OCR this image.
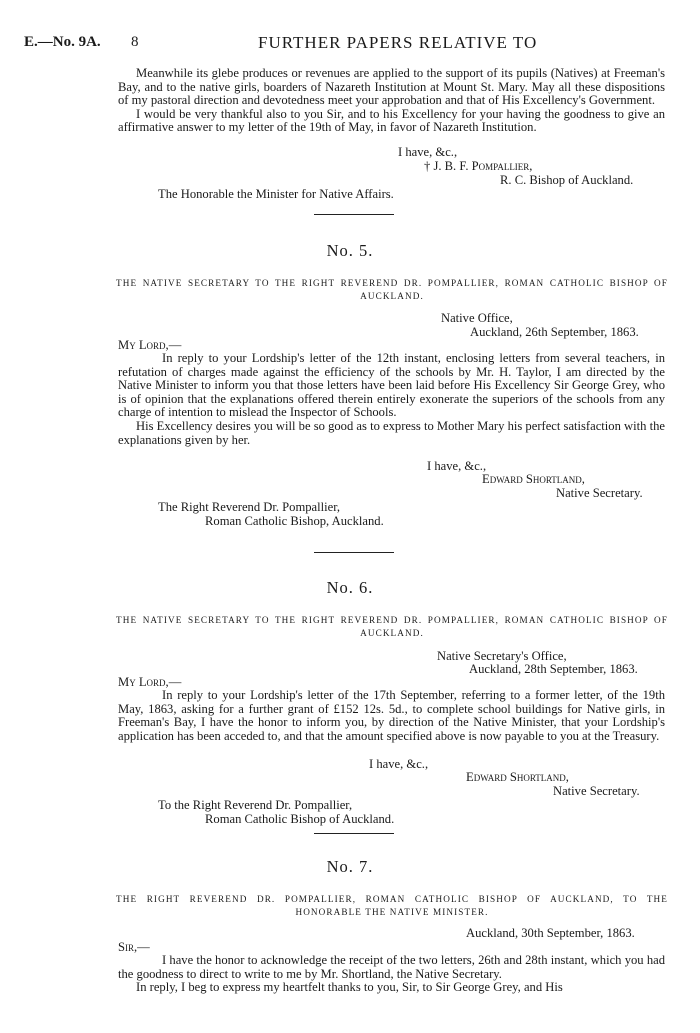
E.—No. 9A. 8	FURTHER PAPERS RELATIVE TO

Meanwhile its glebe produces or revenues are applied to the support of its pupils (Natives) at Freeman's Bay, and to the native girls, boarders of Nazareth Institution at Mount St. Mary. May all these dispositions of my pastoral direction and devotedness meet your approbation and that of His Excellency's Government.

I would be very thankful also to you Sir, and to his Excellency for your having the goodness to give an affirmative answer to my letter of the 19th of May, in favor of Nazareth Institution.

I have, &c.,
† J. B. F. Pompallier,
R. C. Bishop of Auckland.
The Honorable the Minister for Native Affairs.
No. 5.
THE NATIVE SECRETARY TO THE RIGHT REVEREND DR. POMPALLIER, ROMAN CATHOLIC BISHOP OF AUCKLAND.
Native Office,
Auckland, 26th September, 1863.
My Lord,—

In reply to your Lordship's letter of the 12th instant, enclosing letters from several teachers, in refutation of charges made against the efficiency of the schools by Mr. H. Taylor, I am directed by the Native Minister to inform you that those letters have been laid before His Excellency Sir George Grey, who is of opinion that the explanations offered therein entirely exonerate the superiors of the schools from any charge of intention to mislead the Inspector of Schools.

His Excellency desires you will be so good as to express to Mother Mary his perfect satisfaction with the explanations given by her.

I have, &c.,
Edward Shortland,
Native Secretary.
The Right Reverend Dr. Pompallier,
Roman Catholic Bishop, Auckland.
No. 6.
THE NATIVE SECRETARY TO THE RIGHT REVEREND DR. POMPALLIER, ROMAN CATHOLIC BISHOP OF AUCKLAND.
Native Secretary's Office,
Auckland, 28th September, 1863.
My Lord,—

In reply to your Lordship's letter of the 17th September, referring to a former letter, of the 19th May, 1863, asking for a further grant of £152 12s. 5d., to complete school buildings for Native girls, in Freeman's Bay, I have the honor to inform you, by direction of the Native Minister, that your Lordship's application has been acceded to, and that the amount specified above is now payable to you at the Treasury.

I have, &c.,
Edward Shortland,
Native Secretary.
To the Right Reverend Dr. Pompallier,
Roman Catholic Bishop of Auckland.
No. 7.
THE RIGHT REVEREND DR. POMPALLIER, ROMAN CATHOLIC BISHOP OF AUCKLAND, TO THE HONORABLE THE NATIVE MINISTER.
Auckland, 30th September, 1863.
Sir,—

I have the honor to acknowledge the receipt of the two letters, 26th and 28th instant, which you had the goodness to direct to write to me by Mr. Shortland, the Native Secretary.

In reply, I beg to express my heartfelt thanks to you, Sir, to Sir George Grey, and His
